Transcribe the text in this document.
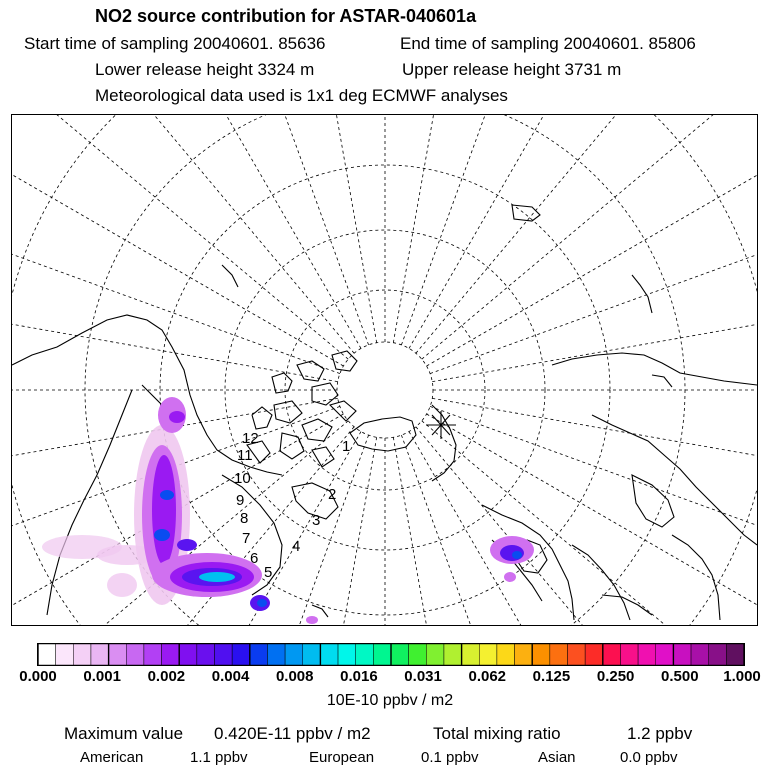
NO2 source contribution for ASTAR-040601a
Start time of sampling 20040601. 85636	End time of sampling 20040601. 85806
Lower release height 3324 m	Upper release height 3731 m
Meteorological data used is 1x1 deg ECMWF analyses
12
11
10
9
8
7
6
5
4
3
2
1
0.000 0.001 0.002 0.004 0.008 0.016 0.031 0.062 0.125 0.250 0.500 1.000
10E-10 ppbv / m2
Maximum value 0.420E-11 ppbv / m2	Total mixing ratio	1.2 ppbv
American	1.1 ppbv	European	0.1 ppbv	Asian	0.0 ppbv
